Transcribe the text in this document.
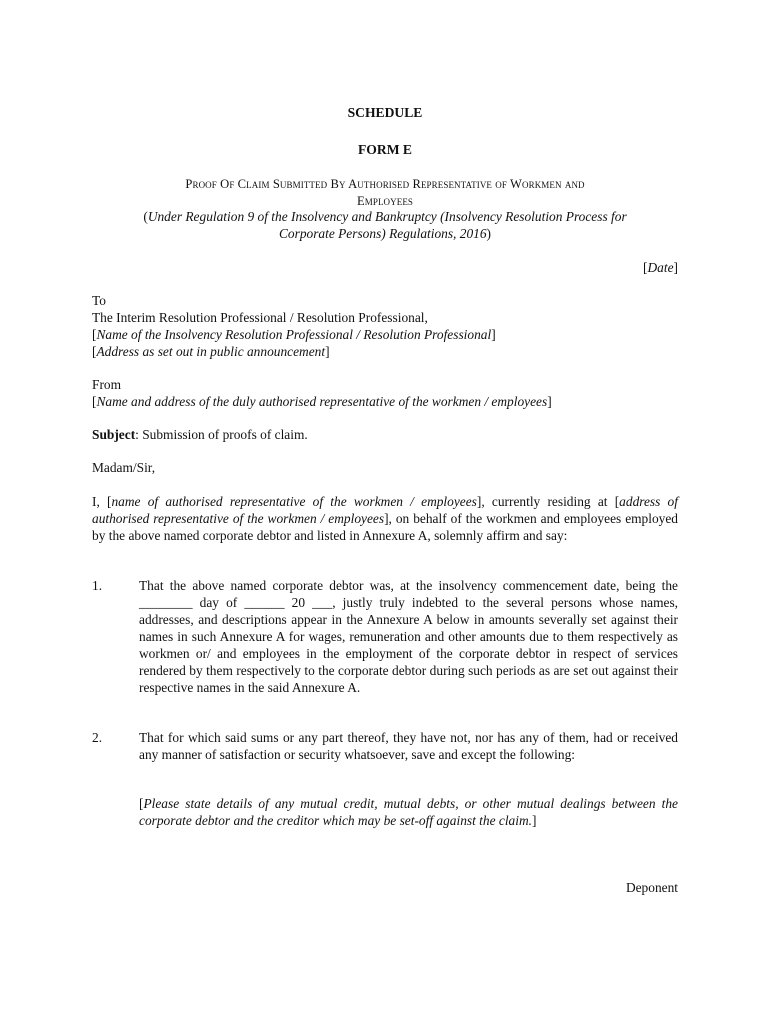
SCHEDULE
FORM E
Proof Of Claim Submitted By Authorised Representative of Workmen and
Employees
(Under Regulation 9 of the Insolvency and Bankruptcy (Insolvency Resolution Process for
Corporate Persons) Regulations, 2016)
[Date]
To
The Interim Resolution Professional / Resolution Professional,
[Name of the Insolvency Resolution Professional / Resolution Professional]
[Address as set out in public announcement]
From
[Name and address of the duly authorised representative of the workmen / employees]
Subject: Submission of proofs of claim.
Madam/Sir,
I, [name of authorised representative of the workmen / employees], currently residing at [address of authorised representative of the workmen / employees], on behalf of the workmen and employees employed by the above named corporate debtor and listed in Annexure A, solemnly affirm and say:
1.	That the above named corporate debtor was, at the insolvency commencement date, being the ________ day of ______ 20 ___, justly truly indebted to the several persons whose names, addresses, and descriptions appear in the Annexure A below in amounts severally set against their names in such Annexure A for wages, remuneration and other amounts due to them respectively as workmen or/ and employees in the employment of the corporate debtor in respect of services rendered by them respectively to the corporate debtor during such periods as are set out against their respective names in the said Annexure A.
2.	That for which said sums or any part thereof, they have not, nor has any of them, had or received any manner of satisfaction or security whatsoever, save and except the following:
[Please state details of any mutual credit, mutual debts, or other mutual dealings between the corporate debtor and the creditor which may be set-off against the claim.]
Deponent
